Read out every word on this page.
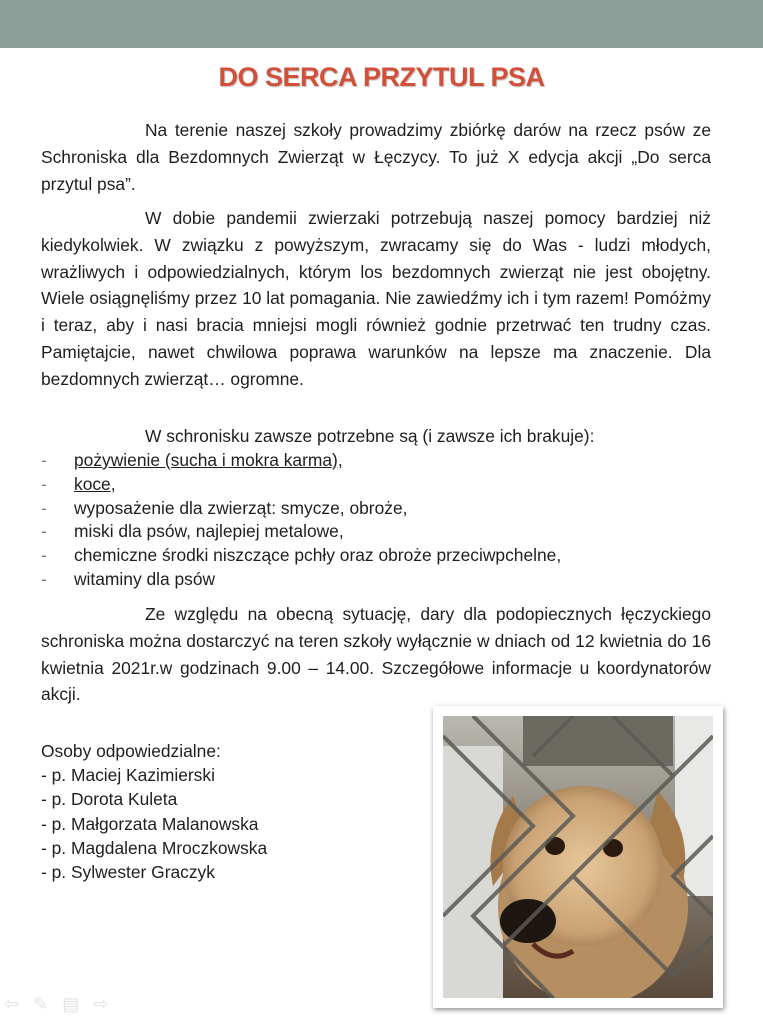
DO SERCA PRZYTUL PSA

Na terenie naszej szkoły prowadzimy zbiórkę darów na rzecz psów ze Schroniska dla Bezdomnych Zwierząt w Łęczycy. To już X edycja akcji „Do serca przytul psa”.

W dobie pandemii zwierzaki potrzebują naszej pomocy bardziej niż kiedykolwiek. W związku z powyższym, zwracamy się do Was - ludzi młodych, wrażliwych i odpowiedzialnych, którym los bezdomnych zwierząt nie jest obojętny. Wiele osiągnęliśmy przez 10 lat pomagania. Nie zawiedźmy ich i tym razem! Pomóżmy i teraz, aby i nasi bracia mniejsi mogli również godnie przetrwać ten trudny czas. Pamiętajcie, nawet chwilowa poprawa warunków na lepsze ma znaczenie. Dla bezdomnych zwierząt… ogromne.

W schronisku zawsze potrzebne są (i zawsze ich brakuje):
- pożywienie (sucha i mokra karma),
- koce,
- wyposażenie dla zwierząt: smycze, obroże,
- miski dla psów, najlepiej metalowe,
- chemiczne środki niszczące pchły oraz obroże przeciwpchelne,
- witaminy dla psów

Ze względu na obecną sytuację, dary dla podopiecznych łęczyckiego schroniska można dostarczyć na teren szkoły wyłącznie w dniach od 12 kwietnia do 16 kwietnia 2021r.w godzinach 9.00 – 14.00. Szczegółowe informacje u koordynatorów akcji.

Osoby odpowiedzialne:
- p. Maciej Kazimierski
- p. Dorota Kuleta
- p. Małgorzata Malanowska
- p. Magdalena Mroczkowska
- p. Sylwester Graczyk
⇦ ✎ ▤ ⇨
